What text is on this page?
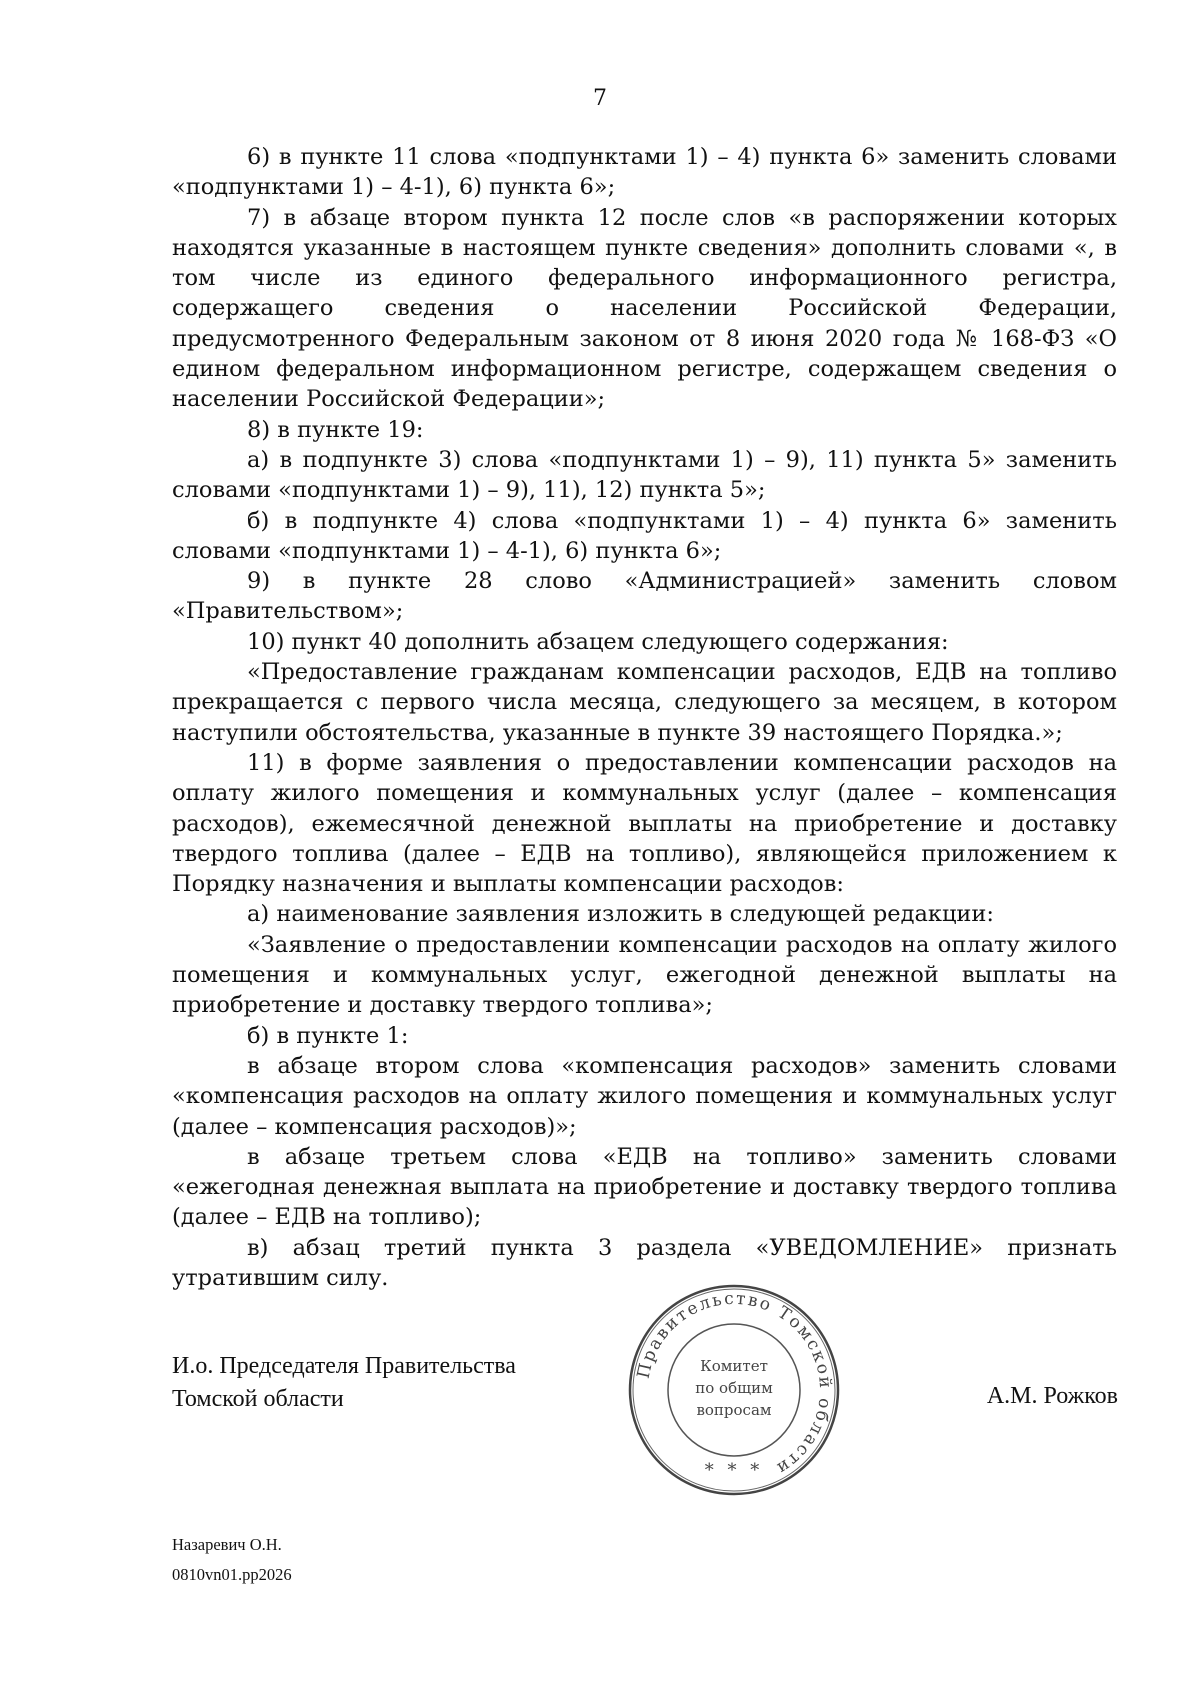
7

6) в пункте 11 слова «подпунктами 1) – 4) пункта 6» заменить словами «подпунктами 1) – 4-1), 6) пункта 6»;

7) в абзаце втором пункта 12 после слов «в распоряжении которых находятся указанные в настоящем пункте сведения» дополнить словами «, в том числе из единого федерального информационного регистра, содержащего сведения о населении Российской Федерации, предусмотренного Федеральным законом от 8 июня 2020 года № 168-ФЗ «О едином федеральном информационном регистре, содержащем сведения о населении Российской Федерации»;

8) в пункте 19:

а) в подпункте 3) слова «подпунктами 1) – 9), 11) пункта 5» заменить словами «подпунктами 1) – 9), 11), 12) пункта 5»;

б) в подпункте 4) слова «подпунктами 1) – 4) пункта 6» заменить словами «подпунктами 1) – 4-1), 6) пункта 6»;

9) в пункте 28 слово «Администрацией» заменить словом «Правительством»;

10) пункт 40 дополнить абзацем следующего содержания:

«Предоставление гражданам компенсации расходов, ЕДВ на топливо прекращается с первого числа месяца, следующего за месяцем, в котором наступили обстоятельства, указанные в пункте 39 настоящего Порядка.»;

11) в форме заявления о предоставлении компенсации расходов на оплату жилого помещения и коммунальных услуг (далее – компенсация расходов), ежемесячной денежной выплаты на приобретение и доставку твердого топлива (далее – ЕДВ на топливо), являющейся приложением к Порядку назначения и выплаты компенсации расходов:

а) наименование заявления изложить в следующей редакции:

«Заявление о предоставлении компенсации расходов на оплату жилого помещения и коммунальных услуг, ежегодной денежной выплаты на приобретение и доставку твердого топлива»;

б) в пункте 1:

в абзаце втором слова «компенсация расходов» заменить словами «компенсация расходов на оплату жилого помещения и коммунальных услуг (далее – компенсация расходов)»;

в абзаце третьем слова «ЕДВ на топливо» заменить словами «ежегодная денежная выплата на приобретение и доставку твердого топлива (далее – ЕДВ на топливо);

в) абзац третий пункта 3 раздела «УВЕДОМЛЕНИЕ» признать утратившим силу.

И.о. Председателя Правительства
Томской области	А.М. Рожков
Правительство Томской области
Комитет
по общим
вопросам
* * *
Назаревич О.Н.
0810vn01.pp2026
